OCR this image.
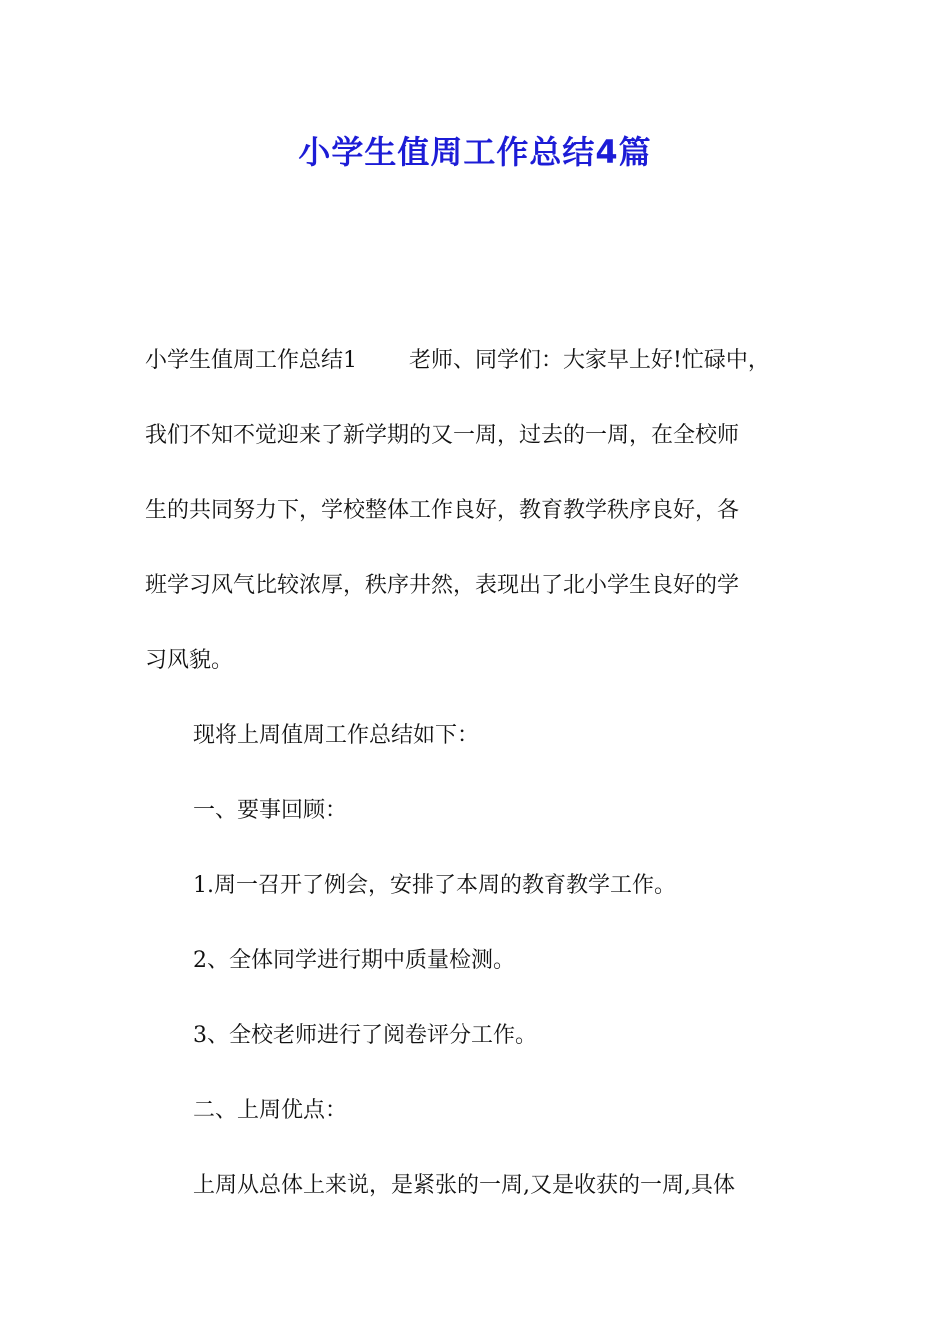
小学生值周工作总结4篇
小学生值周工作总结1 老师、同学们：大家早上好!忙碌中，
我们不知不觉迎来了新学期的又一周，过去的一周，在全校师
生的共同努力下，学校整体工作良好，教育教学秩序良好，各
班学习风气比较浓厚，秩序井然，表现出了北小学生良好的学
习风貌。
现将上周值周工作总结如下：
一、要事回顾：
1.周一召开了例会，安排了本周的教育教学工作。
2、全体同学进行期中质量检测。
3、全校老师进行了阅卷评分工作。
二、上周优点：
上周从总体上来说，是紧张的一周,又是收获的一周,具体
